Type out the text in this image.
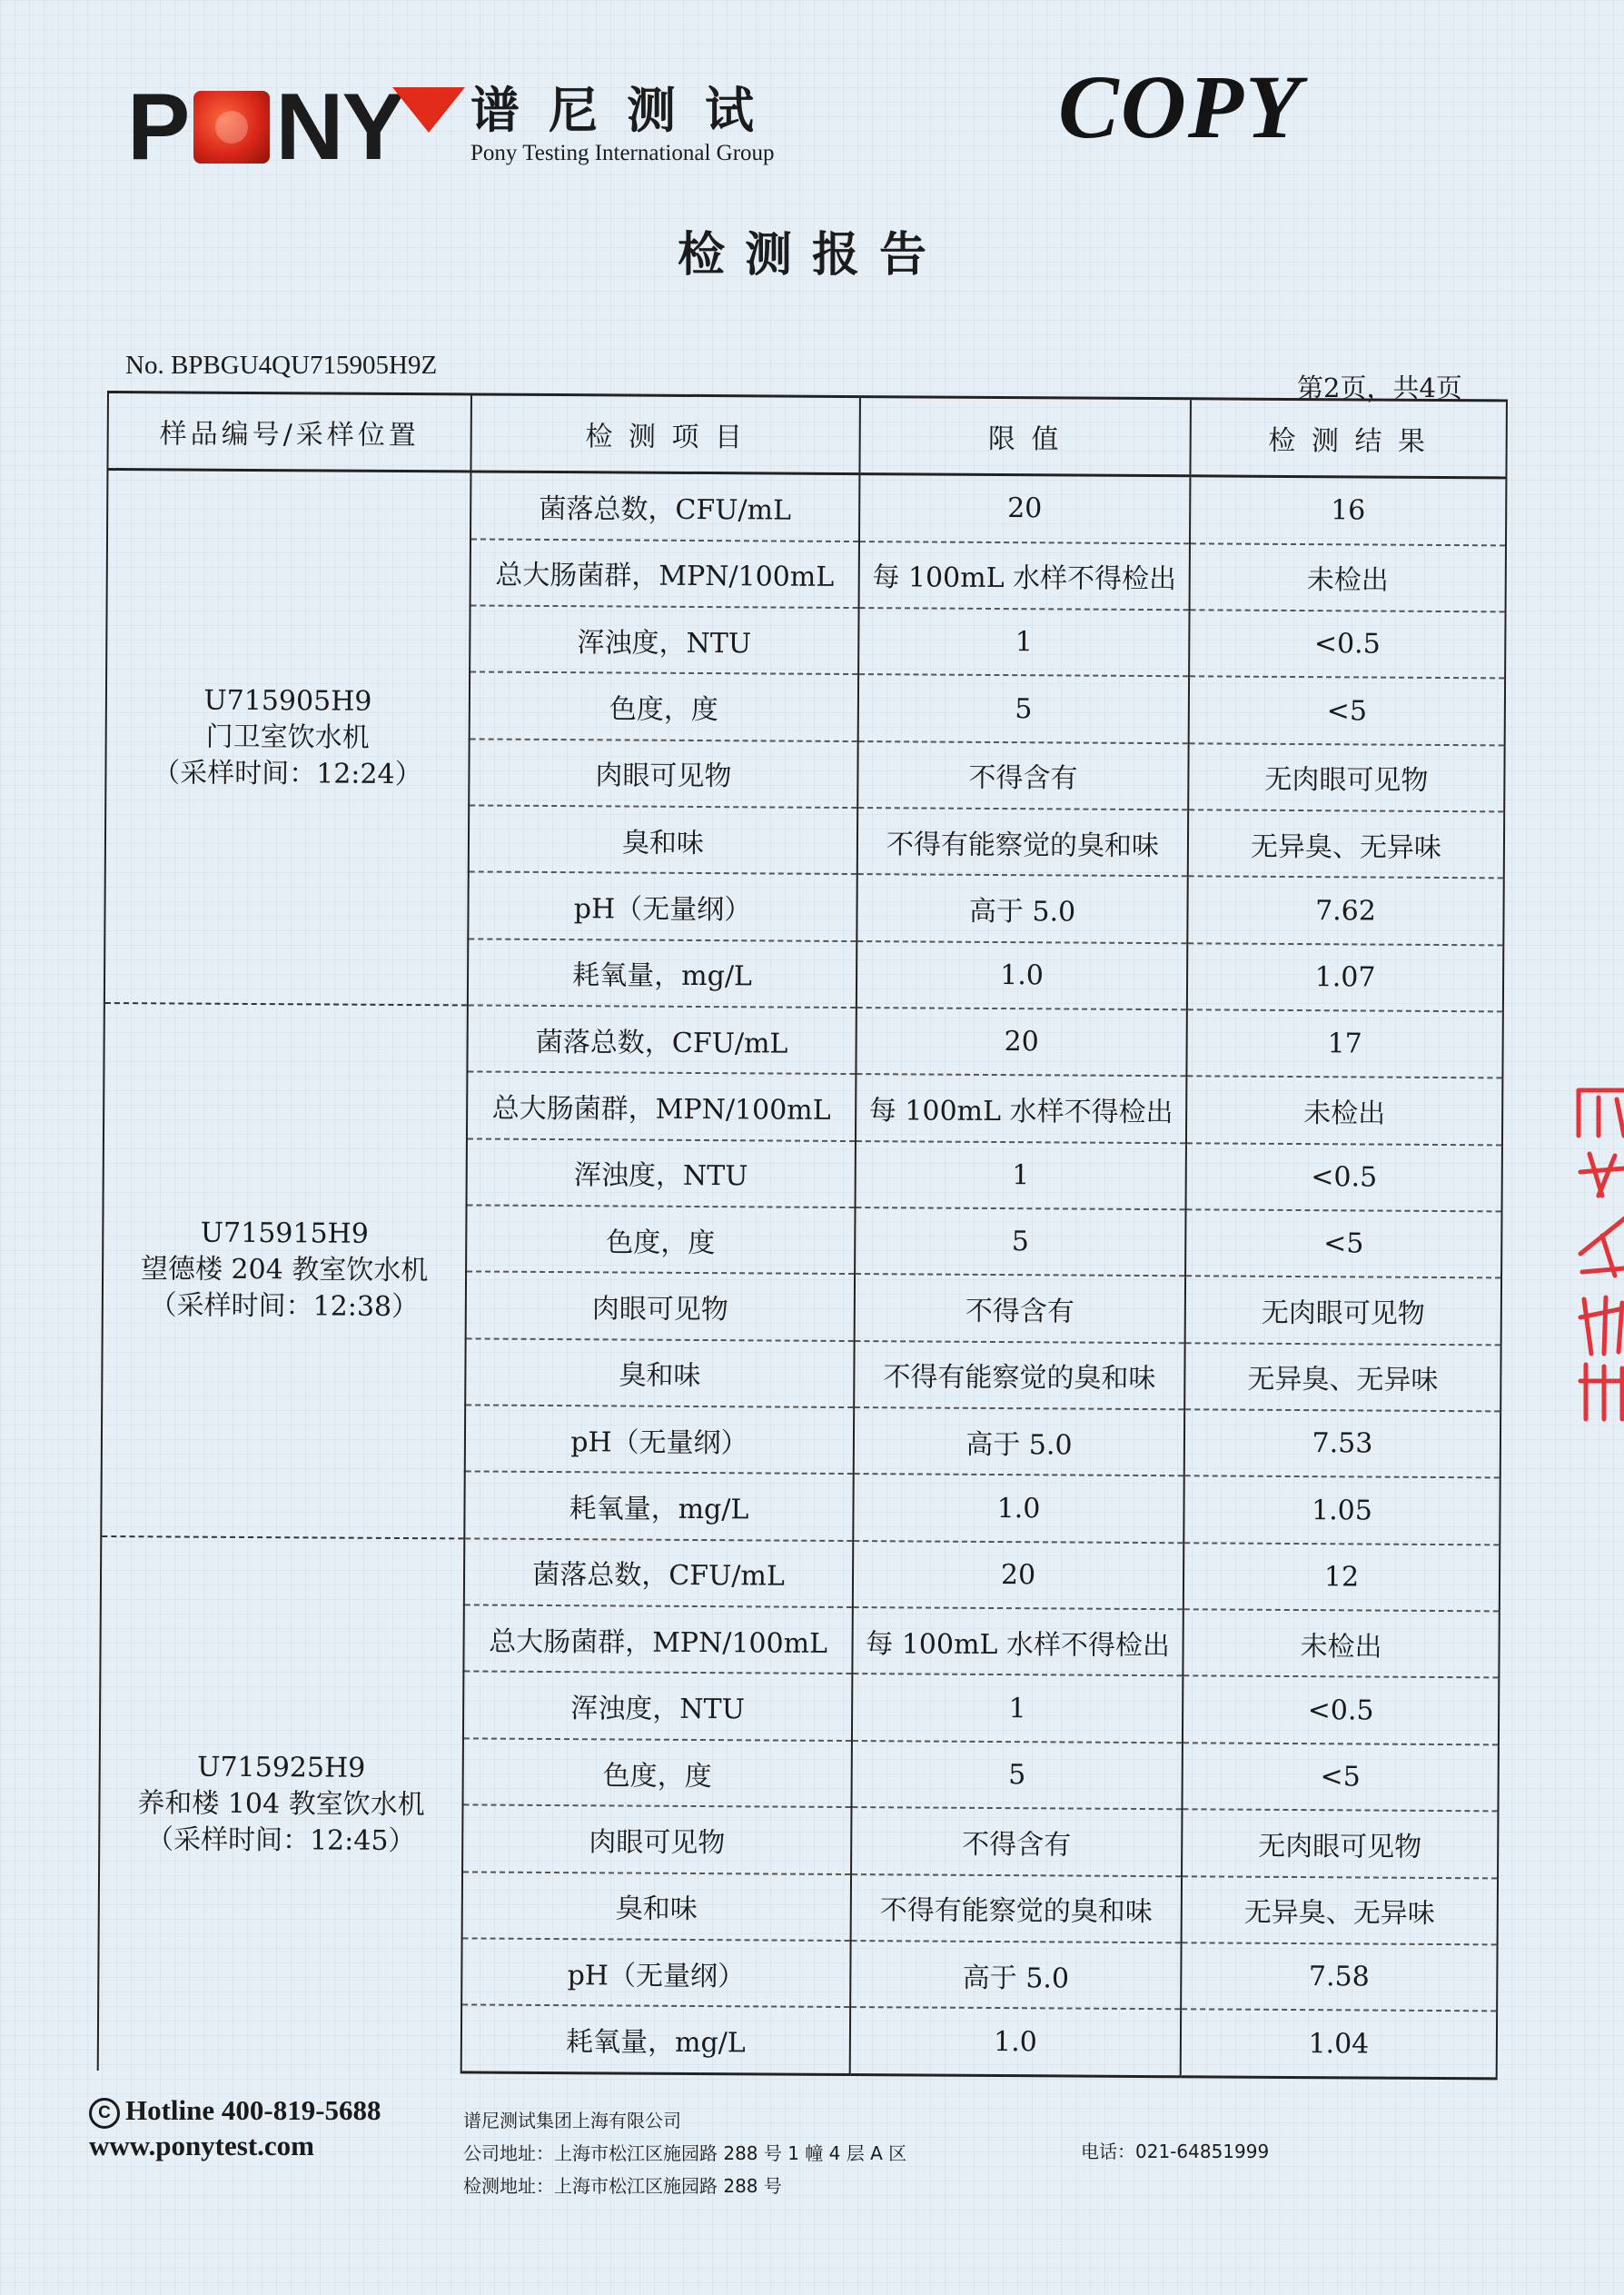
P NY 谱尼测试
Pony Testing International Group	COPY
检测报告
No. BPBGU4QU715905H9Z
第2页，共4页
样品编号/采样位置	检 测 项 目	限 值	检 测 结 果

U715905H9
门卫室饮水机
（采样时间：12:24）	菌落总数，CFU/mL	20	16
	总大肠菌群，MPN/100mL	每 100mL 水样不得检出	未检出
	浑浊度，NTU	1	<0.5
	色度，度	5	<5
	肉眼可见物	不得含有	无肉眼可见物
	臭和味	不得有能察觉的臭和味	无异臭、无异味
	pH（无量纲）	高于 5.0	7.62
	耗氧量，mg/L	1.0	1.07

U715915H9
望德楼 204 教室饮水机
（采样时间：12:38）	菌落总数，CFU/mL	20	17
	总大肠菌群，MPN/100mL	每 100mL 水样不得检出	未检出
	浑浊度，NTU	1	<0.5
	色度，度	5	<5
	肉眼可见物	不得含有	无肉眼可见物
	臭和味	不得有能察觉的臭和味	无异臭、无异味
	pH（无量纲）	高于 5.0	7.53
	耗氧量，mg/L	1.0	1.05

U715925H9
养和楼 104 教室饮水机
（采样时间：12:45）	菌落总数，CFU/mL	20	12
	总大肠菌群，MPN/100mL	每 100mL 水样不得检出	未检出
	浑浊度，NTU	1	<0.5
	色度，度	5	<5
	肉眼可见物	不得含有	无肉眼可见物
	臭和味	不得有能察觉的臭和味	无异臭、无异味
	pH（无量纲）	高于 5.0	7.58
	耗氧量，mg/L	1.0	1.04
C Hotline 400-819-5688
www.ponytest.com
谱尼测试集团上海有限公司
公司地址：上海市松江区施园路 288 号 1 幢 4 层 A 区
检测地址：上海市松江区施园路 288 号
电话：021-64851999
